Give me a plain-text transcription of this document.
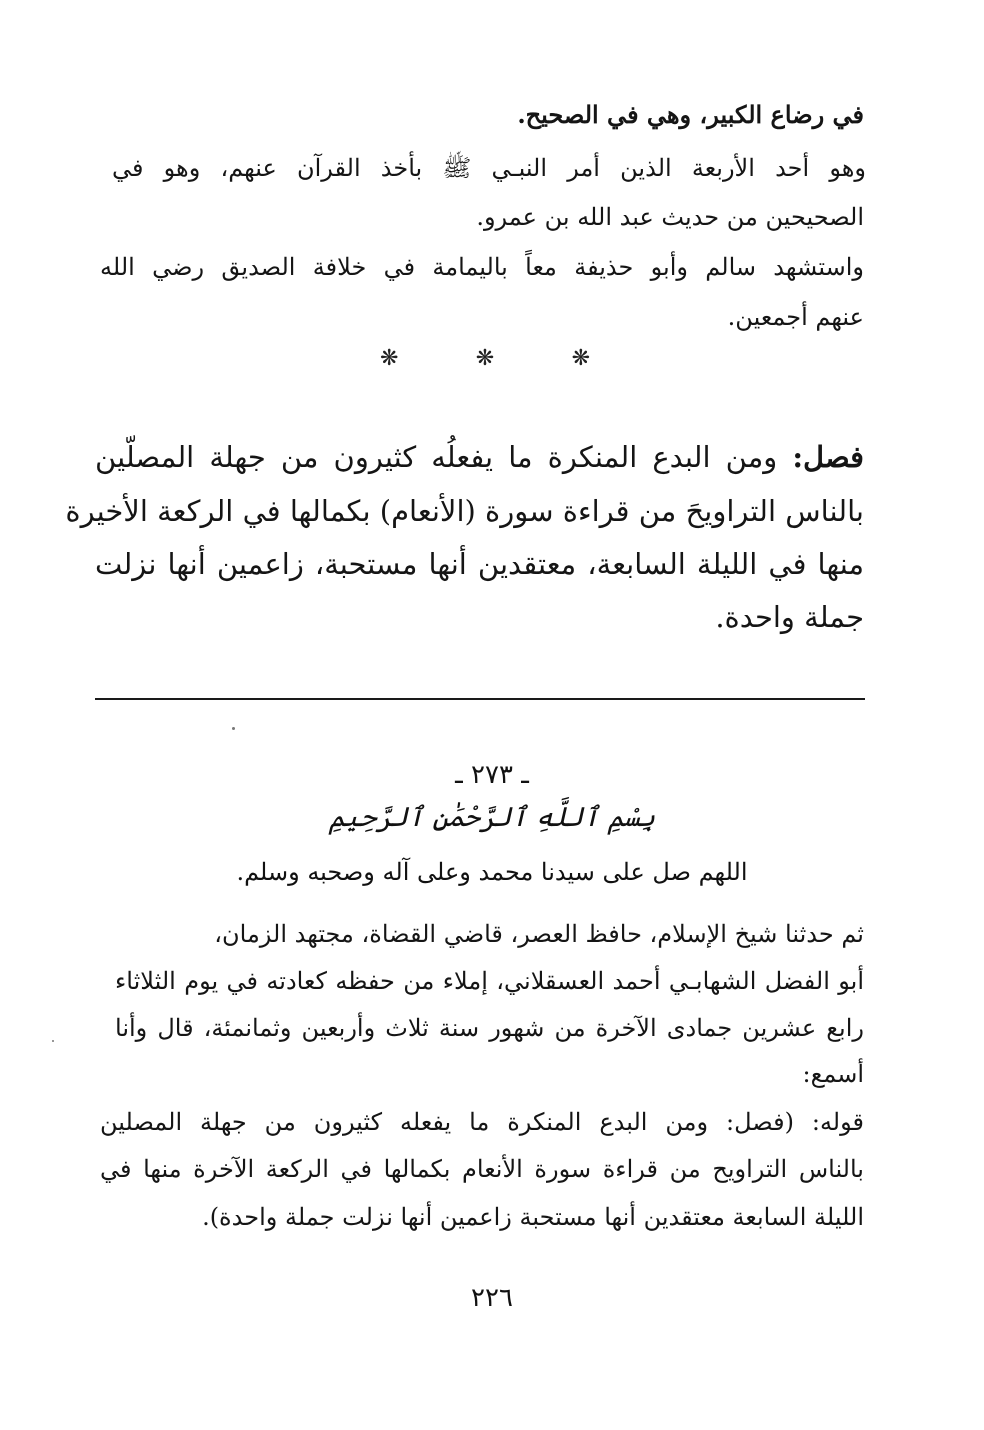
في رضاع الكبير، وهي في الصحيح.
وهو أحد الأربعة الذين أمر النبـي ﷺ بأخذ القرآن عنهم، وهو في
الصحيحين من حديث عبد الله بن عمرو.
واستشهد سالم وأبو حذيفة معاً باليمامة في خلافة الصديق رضي الله
عنهم أجمعين.
❋	❋	❋
فصل: ومن البدع المنكرة ما يفعلُه كثيرون من جهلة المصلّين
بالناس التراويحَ من قراءة سورة (الأنعام) بكمالها في الركعة الأخيرة
منها في الليلة السابعة، معتقدين أنها مستحبة، زاعمين أنها نزلت
جملة واحدة.
ـ ٢٧٣ ـ
بِسْمِ ٱللَّهِ ٱلرَّحْمَٰنِ ٱلرَّحِيمِ
اللهم صل على سيدنا محمد وعلى آله وصحبه وسلم.
ثم حدثنا شيخ الإسلام، حافظ العصر، قاضي القضاة، مجتهد الزمان،
أبو الفضل الشهابـي أحمد العسقلاني، إملاء من حفظه كعادته في يوم الثلاثاء
رابع عشرين جمادى الآخرة من شهور سنة ثلاث وأربعين وثمانمئة، قال وأنا
أسمع:
قوله: (فصل: ومن البدع المنكرة ما يفعله كثيرون من جهلة المصلين
بالناس التراويح من قراءة سورة الأنعام بكمالها في الركعة الآخرة منها في
الليلة السابعة معتقدين أنها مستحبة زاعمين أنها نزلت جملة واحدة).
٢٢٦
